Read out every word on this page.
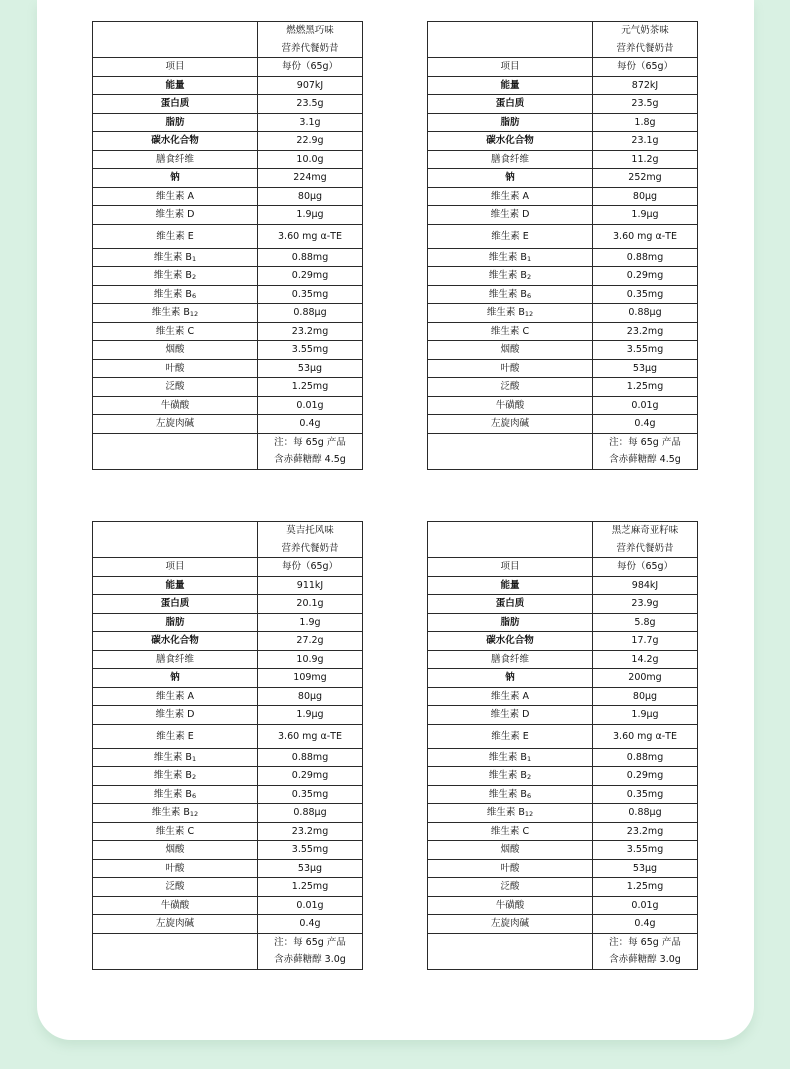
	燃燃黑巧味
营养代餐奶昔

项目	每份（65g）
能量	907kJ
蛋白质	23.5g
脂肪	3.1g
碳水化合物	22.9g
膳食纤维	10.0g
钠	224mg
维生素 A	80μg
维生素 D	1.9μg
维生素 E	3.60 mg α-TE
维生素 $B_1$	0.88mg
维生素 $B_2$	0.29mg
维生素 $B_6$	0.35mg
维生素 $B_{12}$	0.88μg
维生素 C	23.2mg
烟酸	3.55mg
叶酸	53μg
泛酸	1.25mg
牛磺酸	0.01g
左旋肉碱	0.4g

	注：每 65g 产品
含赤藓糖醇 4.5g

	元气奶茶味
营养代餐奶昔

项目	每份（65g）
能量	872kJ
蛋白质	23.5g
脂肪	1.8g
碳水化合物	23.1g
膳食纤维	11.2g
钠	252mg
维生素 A	80μg
维生素 D	1.9μg
维生素 E	3.60 mg α-TE
维生素 $B_1$	0.88mg
维生素 $B_2$	0.29mg
维生素 $B_6$	0.35mg
维生素 $B_{12}$	0.88μg
维生素 C	23.2mg
烟酸	3.55mg
叶酸	53μg
泛酸	1.25mg
牛磺酸	0.01g
左旋肉碱	0.4g

	注：每 65g 产品
含赤藓糖醇 4.5g

	莫吉托风味
营养代餐奶昔

项目	每份（65g）
能量	911kJ
蛋白质	20.1g
脂肪	1.9g
碳水化合物	27.2g
膳食纤维	10.9g
钠	109mg
维生素 A	80μg
维生素 D	1.9μg
维生素 E	3.60 mg α-TE
维生素 $B_1$	0.88mg
维生素 $B_2$	0.29mg
维生素 $B_6$	0.35mg
维生素 $B_{12}$	0.88μg
维生素 C	23.2mg
烟酸	3.55mg
叶酸	53μg
泛酸	1.25mg
牛磺酸	0.01g
左旋肉碱	0.4g

	注：每 65g 产品
含赤藓糖醇 3.0g

	黑芝麻奇亚籽味
营养代餐奶昔

项目	每份（65g）
能量	984kJ
蛋白质	23.9g
脂肪	5.8g
碳水化合物	17.7g
膳食纤维	14.2g
钠	200mg
维生素 A	80μg
维生素 D	1.9μg
维生素 E	3.60 mg α-TE
维生素 $B_1$	0.88mg
维生素 $B_2$	0.29mg
维生素 $B_6$	0.35mg
维生素 $B_{12}$	0.88μg
维生素 C	23.2mg
烟酸	3.55mg
叶酸	53μg
泛酸	1.25mg
牛磺酸	0.01g
左旋肉碱	0.4g

	注：每 65g 产品
含赤藓糖醇 3.0g
